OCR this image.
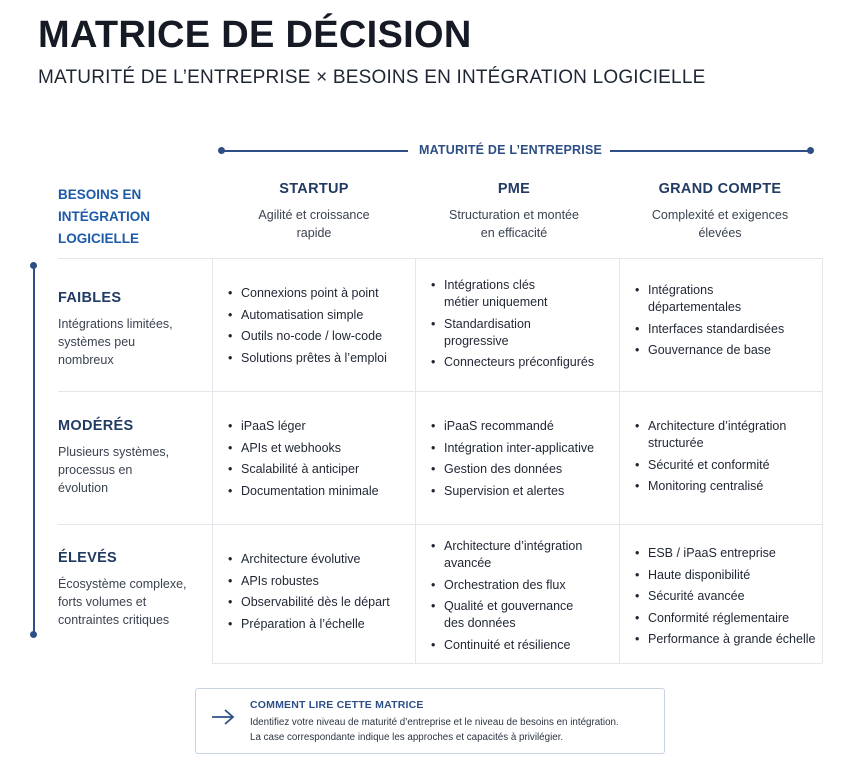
MATRICE DE DÉCISION
MATURITÉ DE L’ENTREPRISE × BESOINS EN INTÉGRATION LOGICIELLE
MATURITÉ DE L’ENTREPRISE
BESOINS EN
INTÉGRATION
LOGICIELLE
STARTUP
Agilité et croissance
rapide
PME
Structuration et montée
en efficacité
GRAND COMPTE
Complexité et exigences
élevées
FAIBLES
Intégrations limitées,
systèmes peu
nombreux
MODÉRÉS
Plusieurs systèmes,
processus en
évolution
ÉLEVÉS
Écosystème complexe,
forts volumes et
contraintes critiques
• Connexions point à point
• Automatisation simple
• Outils no-code / low-code
• Solutions prêtes à l’emploi
• Intégrations clés
métier uniquement
• Standardisation
progressive
• Connecteurs préconfigurés
• Intégrations
départementales
• Interfaces standardisées
• Gouvernance de base
• iPaaS léger
• APIs et webhooks
• Scalabilité à anticiper
• Documentation minimale
• iPaaS recommandé
• Intégration inter-applicative
• Gestion des données
• Supervision et alertes
• Architecture d’intégration
structurée
• Sécurité et conformité
• Monitoring centralisé
• Architecture évolutive
• APIs robustes
• Observabilité dès le départ
• Préparation à l’échelle
• Architecture d’intégration
avancée
• Orchestration des flux
• Qualité et gouvernance
des données
• Continuité et résilience
• ESB / iPaaS entreprise
• Haute disponibilité
• Sécurité avancée
• Conformité réglementaire
• Performance à grande échelle
COMMENT LIRE CETTE MATRICE
Identifiez votre niveau de maturité d’entreprise et le niveau de besoins en intégration.
La case correspondante indique les approches et capacités à privilégier.
